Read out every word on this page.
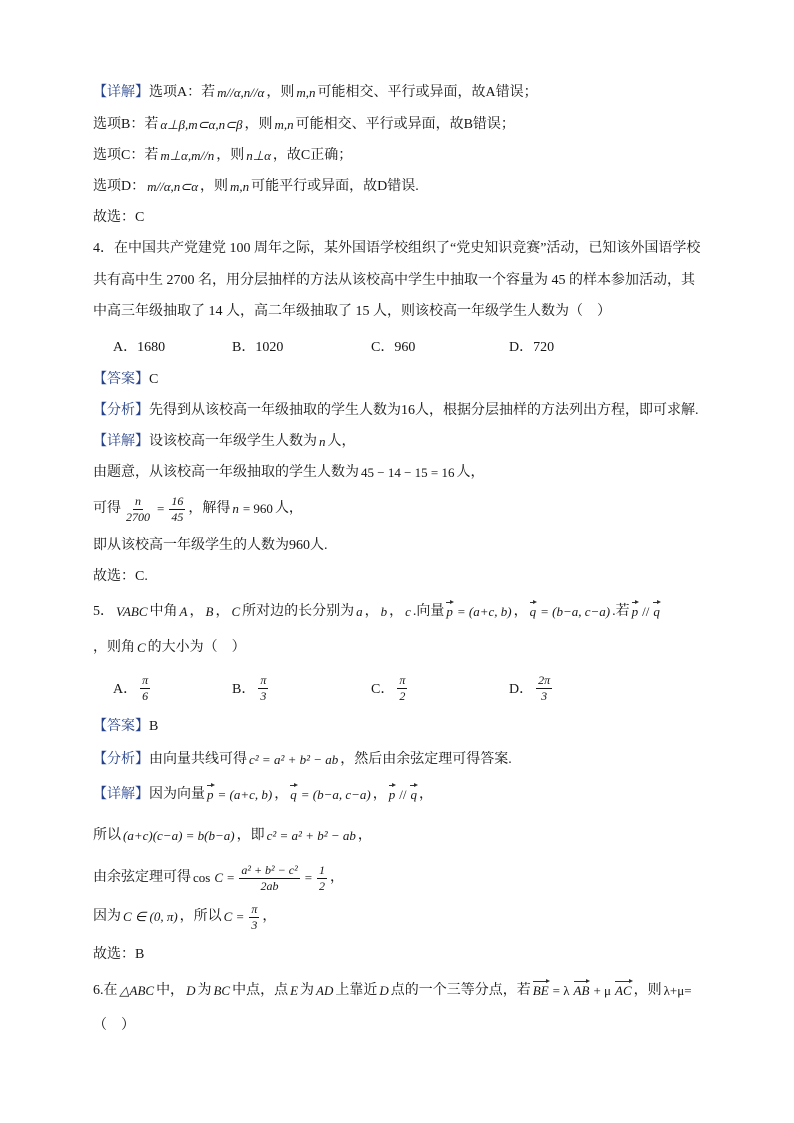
【详解】 选项A：若 m//α,n//α ，则 m,n 可能相交、平行或异面，故A错误；
选项B：若 α⊥β,m⊂α,n⊂β ，则 m,n 可能相交、平行或异面，故B错误；
选项C：若 m⊥α,m//n ，则 n⊥α ，故C正确；
选项D： m//α,n⊂α ，则 m,n 可能平行或异面，故D错误.
故选：C
4．在中国共产党建党 100 周年之际，某外国语学校组织了“党史知识竞赛”活动，已知该外国语学校
共有高中生 2700 名，用分层抽样的方法从该校高中学生中抽取一个容量为 45 的样本参加活动，其
中高三年级抽取了 14 人，高二年级抽取了 15 人，则该校高一年级学生人数为（　）
A．1680	B．1020	C．960	D．720
【答案】 C
【分析】 先得到从该校高一年级抽取的学生人数为16人，根据分层抽样的方法列出方程，即可求解.
【详解】 设该校高一年级学生人数为 n 人，
由题意，从该校高一年级抽取的学生人数为 45 − 14 − 15 = 16 人，
可得 $\frac{n}{2700} = \frac{16}{45}$ ，解得 n = 960 人，
即从该校高一年级学生的人数为960人.
故选：C.
5． VABC 中角 A ， B ， C 所对边的长分别为 a ， b ， c .向量 p = (a+c, b) ， q = (b−a, c−a) .若 p // q
，则角 C 的大小为（　）
A． $\frac{\pi}{6}$	B． $\frac{\pi}{3}$	C． $\frac{\pi}{2}$	D． $\frac{2\pi}{3}$
【答案】 B
【分析】 由向量共线可得 c² = a² + b² − ab ，然后由余弦定理可得答案.
【详解】 因为向量 p = (a+c, b) ， q = (b−a, c−a) ， p // q ，
所以 (a+c)(c−a) = b(b−a) ，即 c² = a² + b² − ab ，
由余弦定理可得 $\cos C = \frac{\text{a² + b² − c²}}{2ab} = \frac{1}{2}$ ，
因为 C ∈ (0, π) ，所以 $C = \frac{\pi}{3}$ ，
故选：B
6.在 △ABC 中， D 为 BC 中点，点 E 为 AD 上靠近 D 点的一个三等分点，若 BE = λ AB + μ AC ，则 λ+μ=
（　）
